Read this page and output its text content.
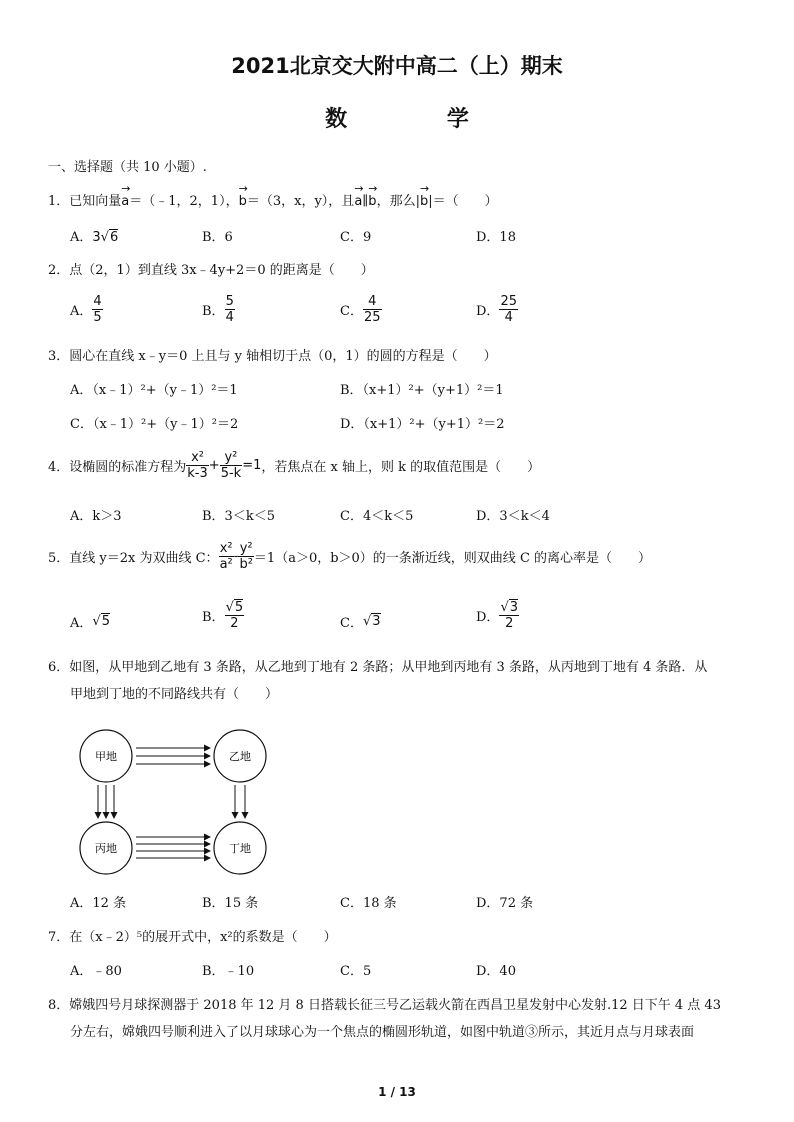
2021北京交大附中高二（上）期末
数 学
一、选择题（共 10 小题）.
1．已知向量→ a＝（﹣1，2，1），→ b＝（3，x，y），且→ a∥→ b，那么|→ b|＝（　　）
A．3√6	B．6	C．9	D．18
2．点（2，1）到直线 3x﹣4y+2＝0 的距离是（　　）
A． $\frac{4}{5}$	B． $\frac{5}{4}$	C． $\frac{4}{25}$	D． $\frac{25}{4}$
3．圆心在直线 x﹣y＝0 上且与 y 轴相切于点（0，1）的圆的方程是（　　）
A．（x﹣1）²+（y﹣1）²＝1	B．（x+1）²+（y+1）²＝1
C．（x﹣1）²+（y﹣1）²＝2	D．（x+1）²+（y+1）²＝2
4．设椭圆的标准方程为 $\frac{\text{x²}}{k-3} + \frac{\text{y²}}{5-k} =1$，若焦点在 x 轴上，则 k 的取值范围是（　　）
A．k＞3	B．3＜k＜5	C．4＜k＜5	D．3＜k＜4
5．直线 y＝2x 为双曲线 C： $\frac{\text{x²}}{\text{a²}} - \frac{\text{y²}}{\text{b²}} =1(a>0$，b＞0）的一条渐近线，则双曲线 C 的离心率是（　　）
A．√5	B． $\frac{√5}{2}$	C．√3	D． $\frac{√3}{2}$
6．如图，从甲地到乙地有 3 条路，从乙地到丁地有 2 条路；从甲地到丙地有 3 条路，从丙地到丁地有 4 条路．从
甲地到丁地的不同路线共有（　　）
甲地	乙地
丙地	丁地
A．12 条	B．15 条	C．18 条	D．72 条
7．在（x﹣2）⁵的展开式中，x²的系数是（　　）
A．﹣80	B．﹣10	C．5	D．40
8．嫦娥四号月球探测器于 2018 年 12 月 8 日搭载长征三号乙运载火箭在西昌卫星发射中心发射.12 日下午 4 点 43
分左右，嫦娥四号顺利进入了以月球球心为一个焦点的椭圆形轨道，如图中轨道③所示，其近月点与月球表面
1 / 13
